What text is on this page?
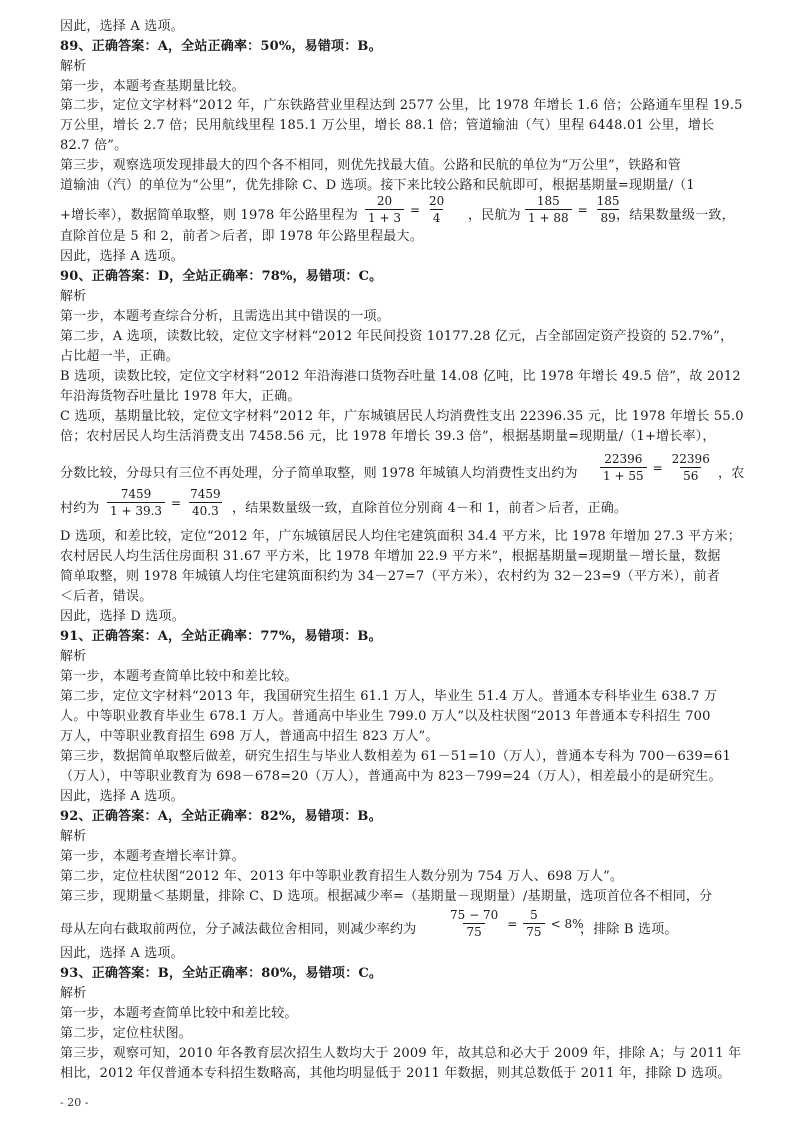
因此，选择 A 选项。
89、正确答案：A，全站正确率：50%，易错项：B。
解析
第一步，本题考查基期量比较。
第二步，定位文字材料“2012 年，广东铁路营业里程达到 2577 公里，比 1978 年增长 1.6 倍；公路通车里程 19.5
万公里，增长 2.7 倍；民用航线里程 185.1 万公里，增长 88.1 倍；管道输油（气）里程 6448.01 公里，增长
82.7 倍”。
第三步，观察选项发现排最大的四个各不相同，则优先找最大值。公路和民航的单位为“万公里”，铁路和管
道输油（汽）的单位为“公里”，优先排除 C、D 选项。接下来比较公路和民航即可，根据基期量=现期量/（1
+增长率），数据简单取整，则 1978 年公路里程为 $\frac{20}{1 + 3} = \frac{20}{4}$ ，民航为 $\frac{185}{1 + 88} = \frac{185}{89}$
，结果数量级一致，
直除首位是 5 和 2，前者＞后者，即 1978 年公路里程最大。
因此，选择 A 选项。
90、正确答案：D，全站正确率：78%，易错项：C。
解析
第一步，本题考查综合分析，且需选出其中错误的一项。
第二步，A 选项，读数比较，定位文字材料“2012 年民间投资 10177.28 亿元，占全部固定资产投资的 52.7%”，
占比超一半，正确。
B 选项，读数比较，定位文字材料“2012 年沿海港口货物吞吐量 14.08 亿吨，比 1978 年增长 49.5 倍”，故 2012
年沿海货物吞吐量比 1978 年大，正确。
C 选项，基期量比较，定位文字材料“2012 年，广东城镇居民人均消费性支出 22396.35 元，比 1978 年增长 55.0
倍；农村居民人均生活消费支出 7458.56 元，比 1978 年增长 39.3 倍”，根据基期量=现期量/（1+增长率），
分数比较，分母只有三位不再处理，分子简单取整，则 1978 年城镇人均消费性支出约为	$\frac{22396}{1 + 55} = \frac{22396}{56}$ ，农
村约为 $\frac{7459}{1 + 39.3} = \frac{7459}{40.3}$ ，结果数量级一致，直除首位分别商 4－和 1，前者＞后者，正确。
D 选项，和差比较，定位“2012 年，广东城镇居民人均住宅建筑面积 34.4 平方米，比 1978 年增加 27.3 平方米；
农村居民人均生活住房面积 31.67 平方米，比 1978 年增加 22.9 平方米”，根据基期量=现期量－增长量，数据
简单取整，则 1978 年城镇人均住宅建筑面积约为 34－27=7（平方米），农村约为 32－23=9（平方米），前者
＜后者，错误。
因此，选择 D 选项。
91、正确答案：A，全站正确率：77%，易错项：B。
解析
第一步，本题考查简单比较中和差比较。
第二步，定位文字材料“2013 年，我国研究生招生 61.1 万人，毕业生 51.4 万人。普通本专科毕业生 638.7 万
人。中等职业教育毕业生 678.1 万人。普通高中毕业生 799.0 万人”以及柱状图“2013 年普通本专科招生 700
万人，中等职业教育招生 698 万人，普通高中招生 823 万人”。
第三步，数据简单取整后做差，研究生招生与毕业人数相差为 61－51=10（万人），普通本专科为 700－639=61
（万人），中等职业教育为 698－678=20（万人），普通高中为 823－799=24（万人），相差最小的是研究生。
因此，选择 A 选项。
92、正确答案：A，全站正确率：82%，易错项：B。
解析
第一步，本题考查增长率计算。
第二步，定位柱状图“2012 年、2013 年中等职业教育招生人数分别为 754 万人、698 万人”。
第三步，现期量＜基期量，排除 C、D 选项。根据减少率=（基期量－现期量）/基期量，选项首位各不相同，分
母从左向右截取前两位，分子减法截位舍相同，则减少率约为	$\frac{75 - 70}{75} = \frac{5}{75} < 8\%$
，排除 B 选项。
因此，选择 A 选项。
93、正确答案：B，全站正确率：80%，易错项：C。
解析
第一步，本题考查简单比较中和差比较。
第二步，定位柱状图。
第三步，观察可知，2010 年各教育层次招生人数均大于 2009 年，故其总和必大于 2009 年，排除 A；与 2011 年
相比，2012 年仅普通本专科招生数略高，其他均明显低于 2011 年数据，则其总数低于 2011 年，排除 D 选项。
- 20 -
